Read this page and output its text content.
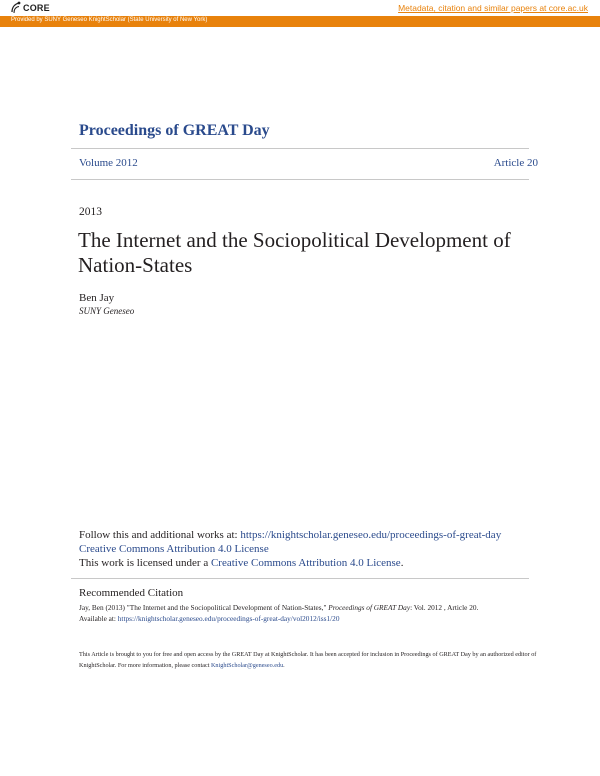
CORE	Metadata, citation and similar papers at core.ac.uk
Provided by SUNY Geneseo KnightScholar (State University of New York)
Proceedings of GREAT Day
Volume 2012	Article 20
2013
The Internet and the Sociopolitical Development of Nation-States
Ben Jay
SUNY Geneseo
Follow this and additional works at: https://knightscholar.geneseo.edu/proceedings-of-great-day
Creative Commons Attribution 4.0 License
This work is licensed under a Creative Commons Attribution 4.0 License.
Recommended Citation
Jay, Ben (2013) "The Internet and the Sociopolitical Development of Nation-States," Proceedings of GREAT Day: Vol. 2012 , Article 20.
Available at: https://knightscholar.geneseo.edu/proceedings-of-great-day/vol2012/iss1/20
This Article is brought to you for free and open access by the GREAT Day at KnightScholar. It has been accepted for inclusion in Proceedings of GREAT Day by an authorized editor of KnightScholar. For more information, please contact KnightScholar@geneseo.edu.
